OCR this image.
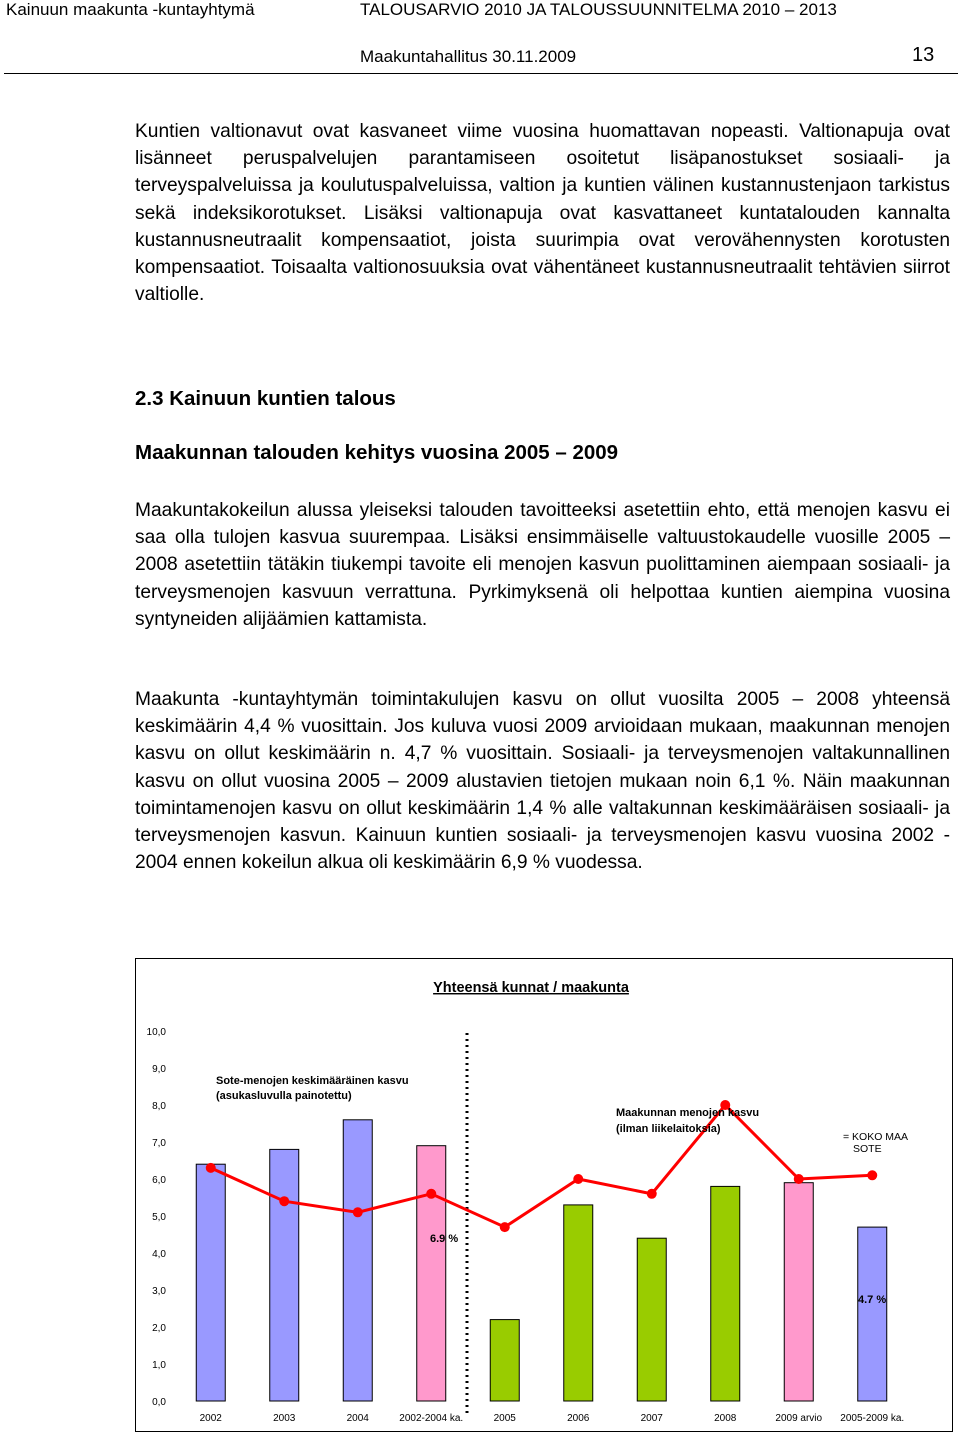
Kainuun maakunta -kuntayhtymä	TALOUSARVIO 2010 JA TALOUSSUUNNITELMA 2010 – 2013
Maakuntahallitus 30.11.2009	13

Kuntien valtionavut ovat kasvaneet viime vuosina huomattavan nopeasti. Valtionapuja ovat lisänneet peruspalvelujen parantamiseen osoitetut lisäpanostukset sosiaali- ja terveyspalveluissa ja koulutuspalveluissa, valtion ja kuntien välinen kustannustenjaon tarkistus sekä indeksikorotukset. Lisäksi valtionapuja ovat kasvattaneet kuntatalouden kannalta kustannusneutraalit kompensaatiot, joista suurimpia ovat verovähennysten korotusten kompensaatiot. Toisaalta valtionosuuksia ovat vähentäneet kustannusneutraalit tehtävien siirrot valtiolle.

2.3 Kainuun kuntien talous
Maakunnan talouden kehitys vuosina 2005 – 2009

Maakuntakokeilun alussa yleiseksi talouden tavoitteeksi asetettiin ehto, että menojen kasvu ei saa olla tulojen kasvua suurempaa. Lisäksi ensimmäiselle valtuustokaudelle vuosille 2005 – 2008 asetettiin tätäkin tiukempi tavoite eli menojen kasvun puolittaminen aiempaan sosiaali- ja terveysmenojen kasvuun verrattuna. Pyrkimyksenä oli helpottaa kuntien aiempina vuosina syntyneiden alijäämien kattamista.

Maakunta -kuntayhtymän toimintakulujen kasvu on ollut vuosilta 2005 – 2008 yhteensä keskimäärin 4,4 % vuosittain. Jos kuluva vuosi 2009 arvioidaan mukaan, maakunnan menojen kasvu on ollut keskimäärin n. 4,7 % vuosittain. Sosiaali- ja terveysmenojen valtakunnallinen kasvu on ollut vuosina 2005 – 2009 alustavien tietojen mukaan noin 6,1 %. Näin maakunnan toimintamenojen kasvu on ollut keskimäärin 1,4 % alle valtakunnan keskimääräisen sosiaali- ja terveysmenojen kasvun. Kainuun kuntien sosiaali- ja terveysmenojen kasvu vuosina 2002 - 2004 ennen kokeilun alkua oli keskimäärin 6,9 % vuodessa.

Yhteensä kunnat / maakunta
0,0
1,0
2,0
3,0
4,0
5,0
6,0
7,0
8,0
9,0
10,0
2002	2003	2004	2002-2004 ka.	2005	2006	2007	2008	2009 arvio 2005-2009 ka.
Sote-menojen keskimääräinen kasvu
(asukasluvulla painotettu)
Maakunnan menojen kasvu
(ilman liikelaitoksia)
= KOKO MAA
SOTE
6.9 %
4.7 %
